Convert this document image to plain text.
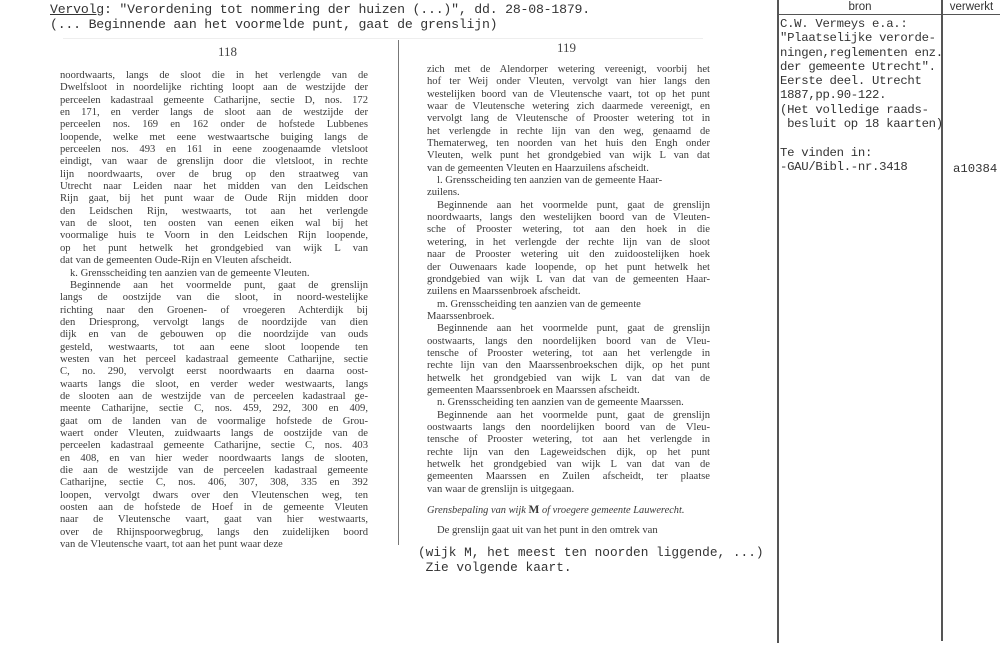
Vervolg: "Verordening tot nommering der huizen (...)", dd. 28-08-1879.
(... Beginnende aan het voormelde punt, gaat de grenslijn)
118	119
noordwaarts, langs de sloot die in het verlengde van de
Dwelfsloot in noordelijke richting loopt aan de westzijde der
perceelen kadastraal gemeente Catharijne, sectie D, nos. 172
en 171, en verder langs de sloot aan de westzijde der
perceelen nos. 169 en 162 onder de hofstede Lubbenes
loopende, welke met eene westwaartsche buiging langs de
perceelen nos. 493 en 161 in eene zoogenaamde vletsloot
eindigt, van waar de grenslijn door die vletsloot, in rechte
lijn noordwaarts, over de brug op den straatweg van
Utrecht naar Leiden naar het midden van den Leidschen
Rijn gaat, bij het punt waar de Oude Rijn midden door
den Leidschen Rijn, westwaarts, tot aan het verlengde
van de sloot, ten oosten van eenen eiken wal bij het
voormalige huis te Voorn in den Leidschen Rijn loopende,
op het punt hetwelk het grondgebied van wijk L van
dat van de gemeenten Oude-Rijn en Vleuten afscheidt.
k. Grensscheiding ten aanzien van de gemeente Vleuten.
Beginnende aan het voormelde punt, gaat de grenslijn
langs de oostzijde van die sloot, in noord-westelijke
richting naar den Groenen- of vroegeren Achterdijk bij
den Driesprong, vervolgt langs de noordzijde van dien
dijk en van de gebouwen op die noordzijde van ouds
gesteld, westwaarts, tot aan eene sloot loopende ten
westen van het perceel kadastraal gemeente Catharijne, sectie
C, no. 290, vervolgt eerst noordwaarts en daarna oost-
waarts langs die sloot, en verder weder westwaarts, langs
de slooten aan de westzijde van de perceelen kadastraal ge-
meente Catharijne, sectie C, nos. 459, 292, 300 en 409,
gaat om de landen van de voormalige hofstede de Grou-
waert onder Vleuten, zuidwaarts langs de oostzijde van de
perceelen kadastraal gemeente Catharijne, sectie C, nos. 403
en 408, en van hier weder noordwaarts langs de slooten,
die aan de westzijde van de perceelen kadastraal gemeente
Catharijne, sectie C, nos. 406, 307, 308, 335 en 392
loopen, vervolgt dwars over den Vleutenschen weg, ten
oosten aan de hofstede de Hoef in de gemeente Vleuten
naar de Vleutensche vaart, gaat van hier westwaarts,
over de Rhijnspoorwegbrug, langs den zuidelijken boord
van de Vleutensche vaart, tot aan het punt waar deze
zich met de Alendorper wetering vereenigt, voorbij het
hof ter Weij onder Vleuten, vervolgt van hier langs den
westelijken boord van de Vleutensche vaart, tot op het punt
waar de Vleutensche wetering zich daarmede vereenigt, en
vervolgt lang de Vleutensche of Prooster wetering tot in
het verlengde in rechte lijn van den weg, genaamd de
Thematerweg, ten noorden van het huis den Engh onder
Vleuten, welk punt het grondgebied van wijk L van dat
van de gemeenten Vleuten en Haarzuilens afscheidt.
l. Grensscheiding ten aanzien van de gemeente Haar-
zuilens.
Beginnende aan het voormelde punt, gaat de grenslijn
noordwaarts, langs den westelijken boord van de Vleuten-
sche of Prooster wetering, tot aan den hoek in die
wetering, in het verlengde der rechte lijn van de sloot
naar de Prooster wetering uit den zuidoostelijken hoek
der Ouwenaars kade loopende, op het punt hetwelk het
grondgebied van wijk L van dat van de gemeenten Haar-
zuilens en Maarssenbroek afscheidt.
m. Grensscheiding ten aanzien van de gemeente
Maarssenbroek.
Beginnende aan het voormelde punt, gaat de grenslijn
oostwaarts, langs den noordelijken boord van de Vleu-
tensche of Prooster wetering, tot aan het verlengde in
rechte lijn van den Maarssenbroekschen dijk, op het punt
hetwelk het grondgebied van wijk L van dat van de
gemeenten Maarssenbroek en Maarssen afscheidt.
n. Grensscheiding ten aanzien van de gemeente Maarssen.
Beginnende aan het voormelde punt, gaat de grenslijn
oostwaarts langs den noordelijken boord van de Vleu-
tensche of Prooster wetering, tot aan het verlengde in
rechte lijn van den Lageweidschen dijk, op het punt
hetwelk het grondgebied van wijk L van dat van de
gemeenten Maarssen en Zuilen afscheidt, ter plaatse
van waar de grenslijn is uitgegaan.
Grensbepaling van wijk M of vroegere gemeente Lauwerecht.
De grenslijn gaat uit van het punt in den omtrek van
(wijk M, het meest ten noorden liggende, ...)
Zie volgende kaart.
bron	verwerkt
C.W. Vermeys e.a.:
"Plaatselijke verorde-
ningen,reglementen enz.
der gemeente Utrecht".
Eerste deel. Utrecht
1887,pp.90-122.
(Het volledige raads-
besluit op 18 kaarten)
Te vinden in:
-GAU/Bibl.-nr.3418	a10384
